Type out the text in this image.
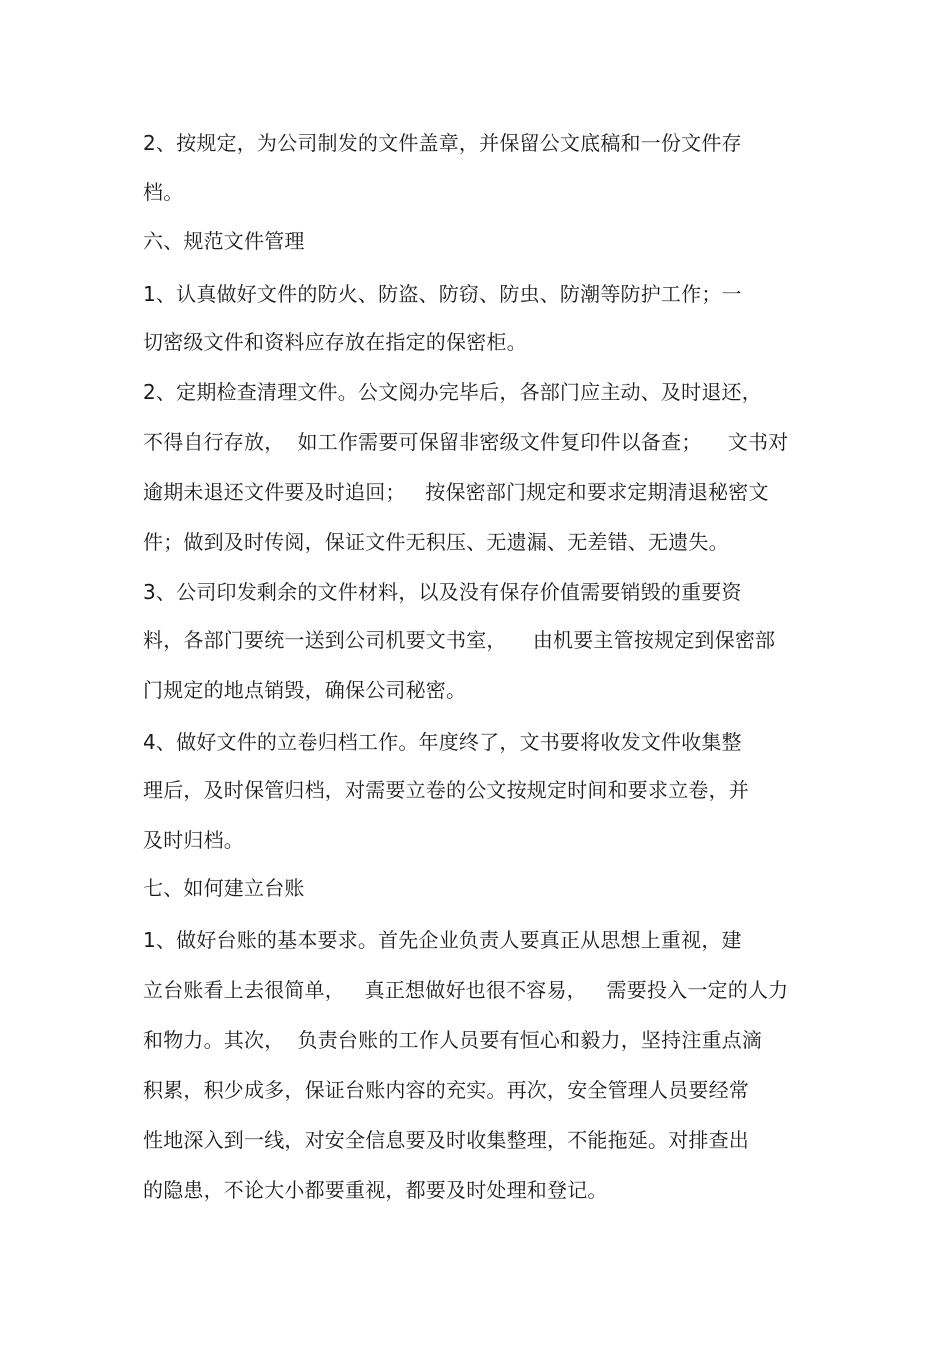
2、按规定，为公司制发的文件盖章，并保留公文底稿和一份文件存
档。
六、规范文件管理
1、认真做好文件的防火、防盗、防窃、防虫、防潮等防护工作；一
切密级文件和资料应存放在指定的保密柜。
2、定期检查清理文件。公文阅办完毕后，各部门应主动、及时退还，
不得自行存放，  如工作需要可保留非密级文件复印件以备查；    文书对
逾期未退还文件要及时追回；   按保密部门规定和要求定期清退秘密文
件；做到及时传阅，保证文件无积压、无遗漏、无差错、无遗失。
3、公司印发剩余的文件材料，以及没有保存价值需要销毁的重要资
料，各部门要统一送到公司机要文书室，    由机要主管按规定到保密部
门规定的地点销毁，确保公司秘密。
4、做好文件的立卷归档工作。年度终了，文书要将收发文件收集整
理后，及时保管归档，对需要立卷的公文按规定时间和要求立卷，并
及时归档。
七、如何建立台账
1、做好台账的基本要求。首先企业负责人要真正从思想上重视，建
立台账看上去很简单，   真正想做好也很不容易，   需要投入一定的人力
和物力。其次，  负责台账的工作人员要有恒心和毅力，坚持注重点滴
积累，积少成多，保证台账内容的充实。再次，安全管理人员要经常
性地深入到一线，对安全信息要及时收集整理，不能拖延。对排查出
的隐患，不论大小都要重视，都要及时处理和登记。
